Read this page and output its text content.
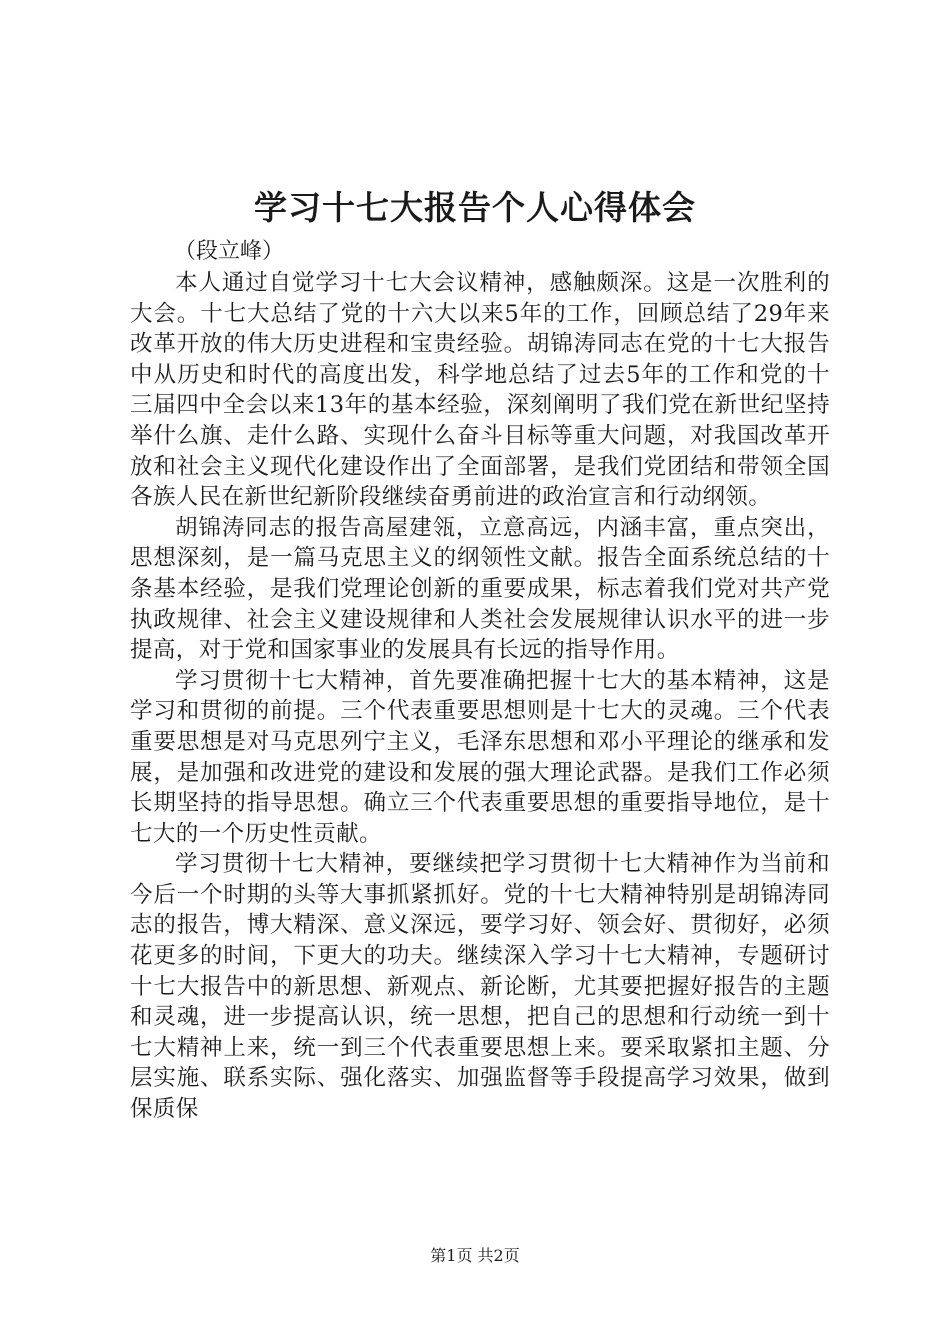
学习十七大报告个人心得体会

（段立峰）

本人通过自觉学习十七大会议精神，感触颇深。这是一次胜利的大会。十七大总结了党的十六大以来5年的工作，回顾总结了29年来改革开放的伟大历史进程和宝贵经验。胡锦涛同志在党的十七大报告中从历史和时代的高度出发，科学地总结了过去5年的工作和党的十三届四中全会以来13年的基本经验，深刻阐明了我们党在新世纪坚持举什么旗、走什么路、实现什么奋斗目标等重大问题，对我国改革开放和社会主义现代化建设作出了全面部署，是我们党团结和带领全国各族人民在新世纪新阶段继续奋勇前进的政治宣言和行动纲领。

胡锦涛同志的报告高屋建瓴，立意高远，内涵丰富，重点突出，思想深刻，是一篇马克思主义的纲领性文献。报告全面系统总结的十条基本经验，是我们党理论创新的重要成果，标志着我们党对共产党执政规律、社会主义建设规律和人类社会发展规律认识水平的进一步提高，对于党和国家事业的发展具有长远的指导作用。

学习贯彻十七大精神，首先要准确把握十七大的基本精神，这是学习和贯彻的前提。三个代表重要思想则是十七大的灵魂。三个代表重要思想是对马克思列宁主义，毛泽东思想和邓小平理论的继承和发展，是加强和改进党的建设和发展的强大理论武器。是我们工作必须长期坚持的指导思想。确立三个代表重要思想的重要指导地位，是十七大的一个历史性贡献。

学习贯彻十七大精神，要继续把学习贯彻十七大精神作为当前和今后一个时期的头等大事抓紧抓好。党的十七大精神特别是胡锦涛同志的报告，博大精深、意义深远，要学习好、领会好、贯彻好，必须花更多的时间，下更大的功夫。继续深入学习十七大精神，专题研讨十七大报告中的新思想、新观点、新论断，尤其要把握好报告的主题和灵魂，进一步提高认识，统一思想，把自己的思想和行动统一到十七大精神上来，统一到三个代表重要思想上来。要采取紧扣主题、分层实施、联系实际、强化落实、加强监督等手段提高学习效果，做到保质保

第1页 共2页
